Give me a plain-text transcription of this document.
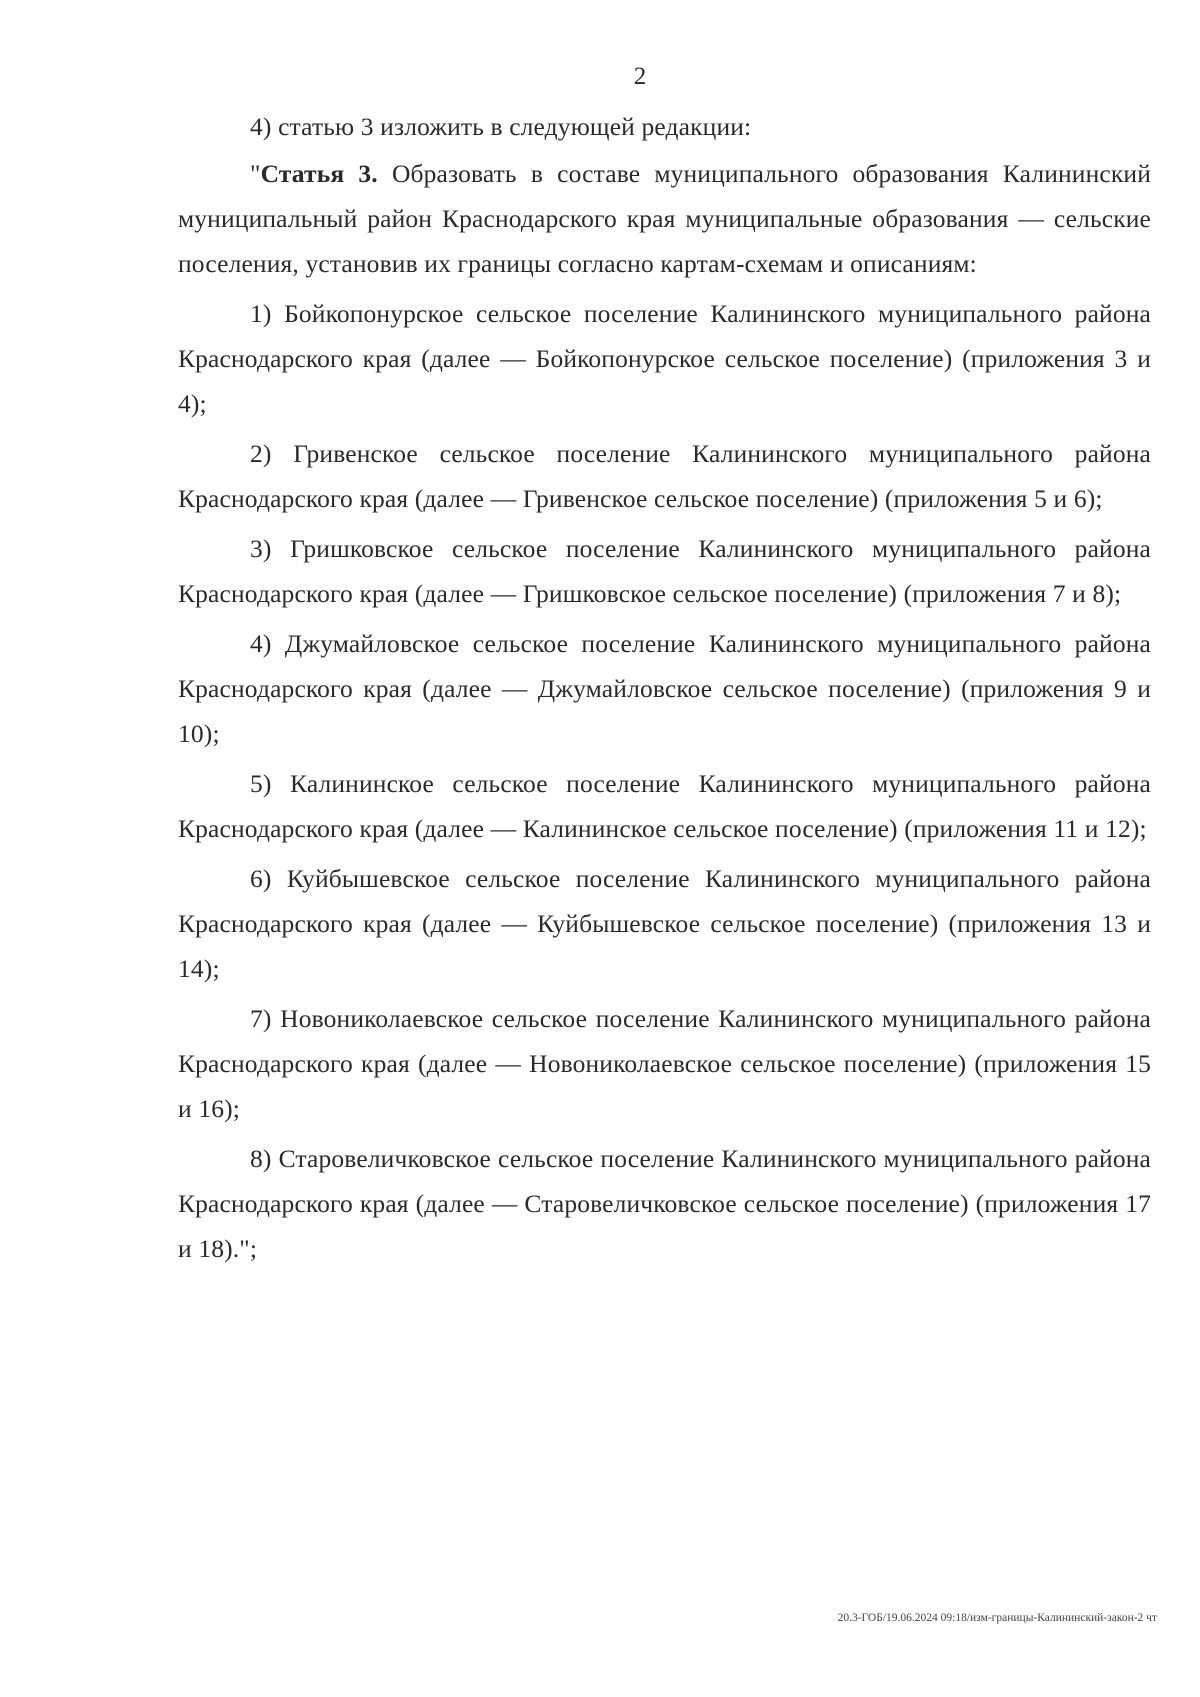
2

4) статью 3 изложить в следующей редакции:

"Статья 3. Образовать в составе муниципального образования Калининский муниципальный район Краснодарского края муниципальные образования — сельские поселения, установив их границы согласно картам-схемам и описаниям:

1) Бойкопонурское сельское поселение Калининского муниципального района Краснодарского края (далее — Бойкопонурское сельское поселение) (приложения 3 и 4);

2) Гривенское сельское поселение Калининского муниципального района Краснодарского края (далее — Гривенское сельское поселение) (приложения 5 и 6);

3) Гришковское сельское поселение Калининского муниципального района Краснодарского края (далее — Гришковское сельское поселение) (приложения 7 и 8);

4) Джумайловское сельское поселение Калининского муниципального района Краснодарского края (далее — Джумайловское сельское поселение) (приложения 9 и 10);

5) Калининское сельское поселение Калининского муниципального района Краснодарского края (далее — Калининское сельское поселение) (приложения 11 и 12);

6) Куйбышевское сельское поселение Калининского муниципального района Краснодарского края (далее — Куйбышевское сельское поселение) (приложения 13 и 14);

7) Новониколаевское сельское поселение Калининского муниципального района Краснодарского края (далее — Новониколаевское сельское поселение) (приложения 15 и 16);

8) Старовеличковское сельское поселение Калининского муниципального района Краснодарского края (далее — Старовеличковское сельское поселение) (приложения 17 и 18).";

20.3-ГОБ/19.06.2024 09:18/изм-границы-Калининский-закон-2 чт
